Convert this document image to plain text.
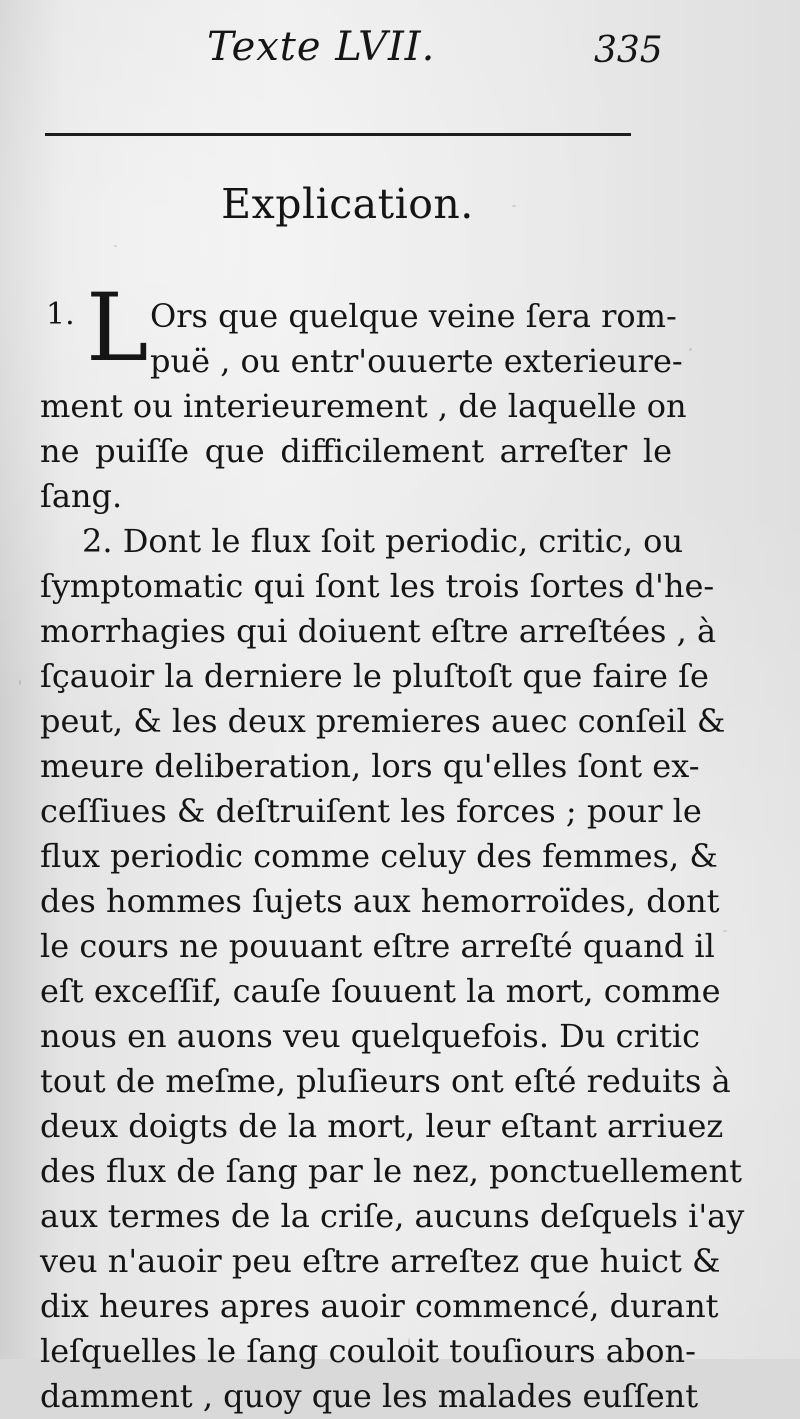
Texte LVII.	335
Explication.
1. L Ors que quelque veine ſera rom-
puë , ou entr'ouuerte exterieure-
ment ou interieurement , de laquelle on
ne puiſſe que difficilement arreſter le
ſang.
2. Dont le flux ſoit periodic, critic, ou
ſymptomatic qui ſont les trois ſortes d'he-
morrhagies qui doiuent eſtre arreſtées , à
ſçauoir la derniere le pluſtoſt que faire ſe
peut, & les deux premieres auec conſeil &
meure deliberation, lors qu'elles ſont ex-
ceſſiues & deſtruiſent les forces ; pour le
flux periodic comme celuy des femmes, &
des hommes ſujets aux hemorroïdes, dont
le cours ne pouuant eſtre arreſté quand il
eſt exceſſif, cauſe ſouuent la mort, comme
nous en auons veu quelquefois. Du critic
tout de meſme, pluſieurs ont eſté reduits à
deux doigts de la mort, leur eſtant arriuez
des flux de ſang par le nez, ponctuellement
aux termes de la criſe, aucuns deſquels i'ay
veu n'auoir peu eſtre arreſtez que huict &
dix heures apres auoir commencé, durant
leſquelles le ſang couloit touſiours abon-
damment , quoy que les malades euſſent
